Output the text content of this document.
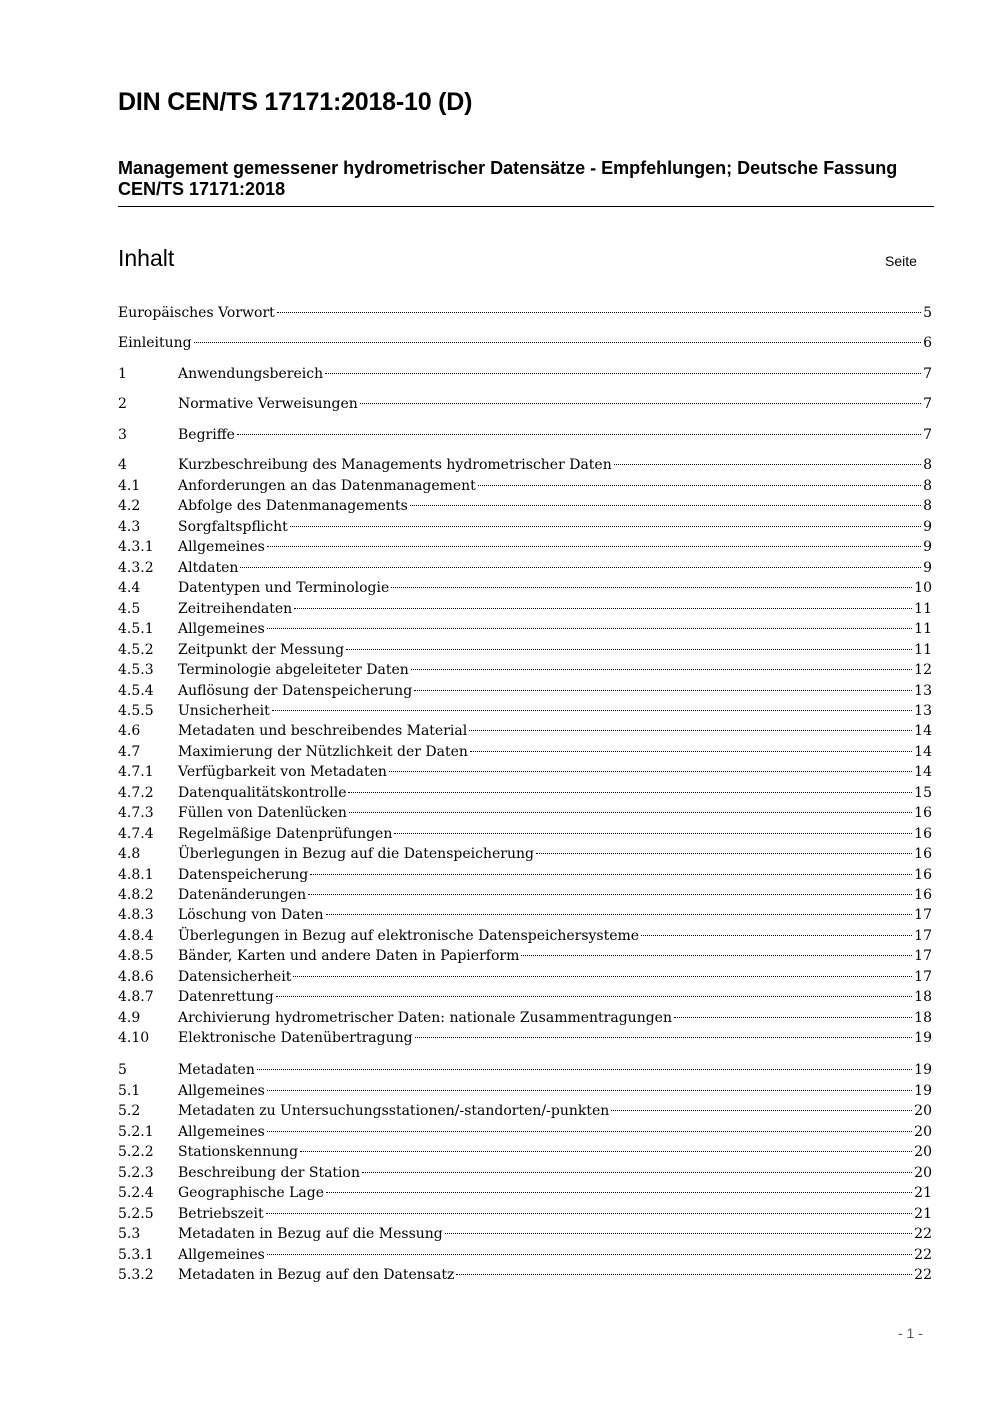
DIN CEN/TS 17171:2018-10 (D)
Management gemessener hydrometrischer Datensätze - Empfehlungen; Deutsche Fassung CEN/TS 17171:2018
Inhalt	Seite
Europäisches Vorwort	5
Einleitung	6
1	Anwendungsbereich	7
2	Normative Verweisungen	7
3	Begriffe	7
4	Kurzbeschreibung des Managements hydrometrischer Daten	8
4.1	Anforderungen an das Datenmanagement	8
4.2	Abfolge des Datenmanagements	8
4.3	Sorgfaltspflicht	9
4.3.1	Allgemeines	9
4.3.2	Altdaten	9
4.4	Datentypen und Terminologie	10
4.5	Zeitreihendaten	11
4.5.1	Allgemeines	11
4.5.2	Zeitpunkt der Messung	11
4.5.3	Terminologie abgeleiteter Daten	12
4.5.4	Auflösung der Datenspeicherung	13
4.5.5	Unsicherheit	13
4.6	Metadaten und beschreibendes Material	14
4.7	Maximierung der Nützlichkeit der Daten	14
4.7.1	Verfügbarkeit von Metadaten	14
4.7.2	Datenqualitätskontrolle	15
4.7.3	Füllen von Datenlücken	16
4.7.4	Regelmäßige Datenprüfungen	16
4.8	Überlegungen in Bezug auf die Datenspeicherung	16
4.8.1	Datenspeicherung	16
4.8.2	Datenänderungen	16
4.8.3	Löschung von Daten	17
4.8.4	Überlegungen in Bezug auf elektronische Datenspeichersysteme	17
4.8.5	Bänder, Karten und andere Daten in Papierform	17
4.8.6	Datensicherheit	17
4.8.7	Datenrettung	18
4.9	Archivierung hydrometrischer Daten: nationale Zusammentragungen	18
4.10	Elektronische Datenübertragung	19
5	Metadaten	19
5.1	Allgemeines	19
5.2	Metadaten zu Untersuchungsstationen/-standorten/-punkten	20
5.2.1	Allgemeines	20
5.2.2	Stationskennung	20
5.2.3	Beschreibung der Station	20
5.2.4	Geographische Lage	21
5.2.5	Betriebszeit	21
5.3	Metadaten in Bezug auf die Messung	22
5.3.1	Allgemeines	22
5.3.2	Metadaten in Bezug auf den Datensatz	22
- 1 -
